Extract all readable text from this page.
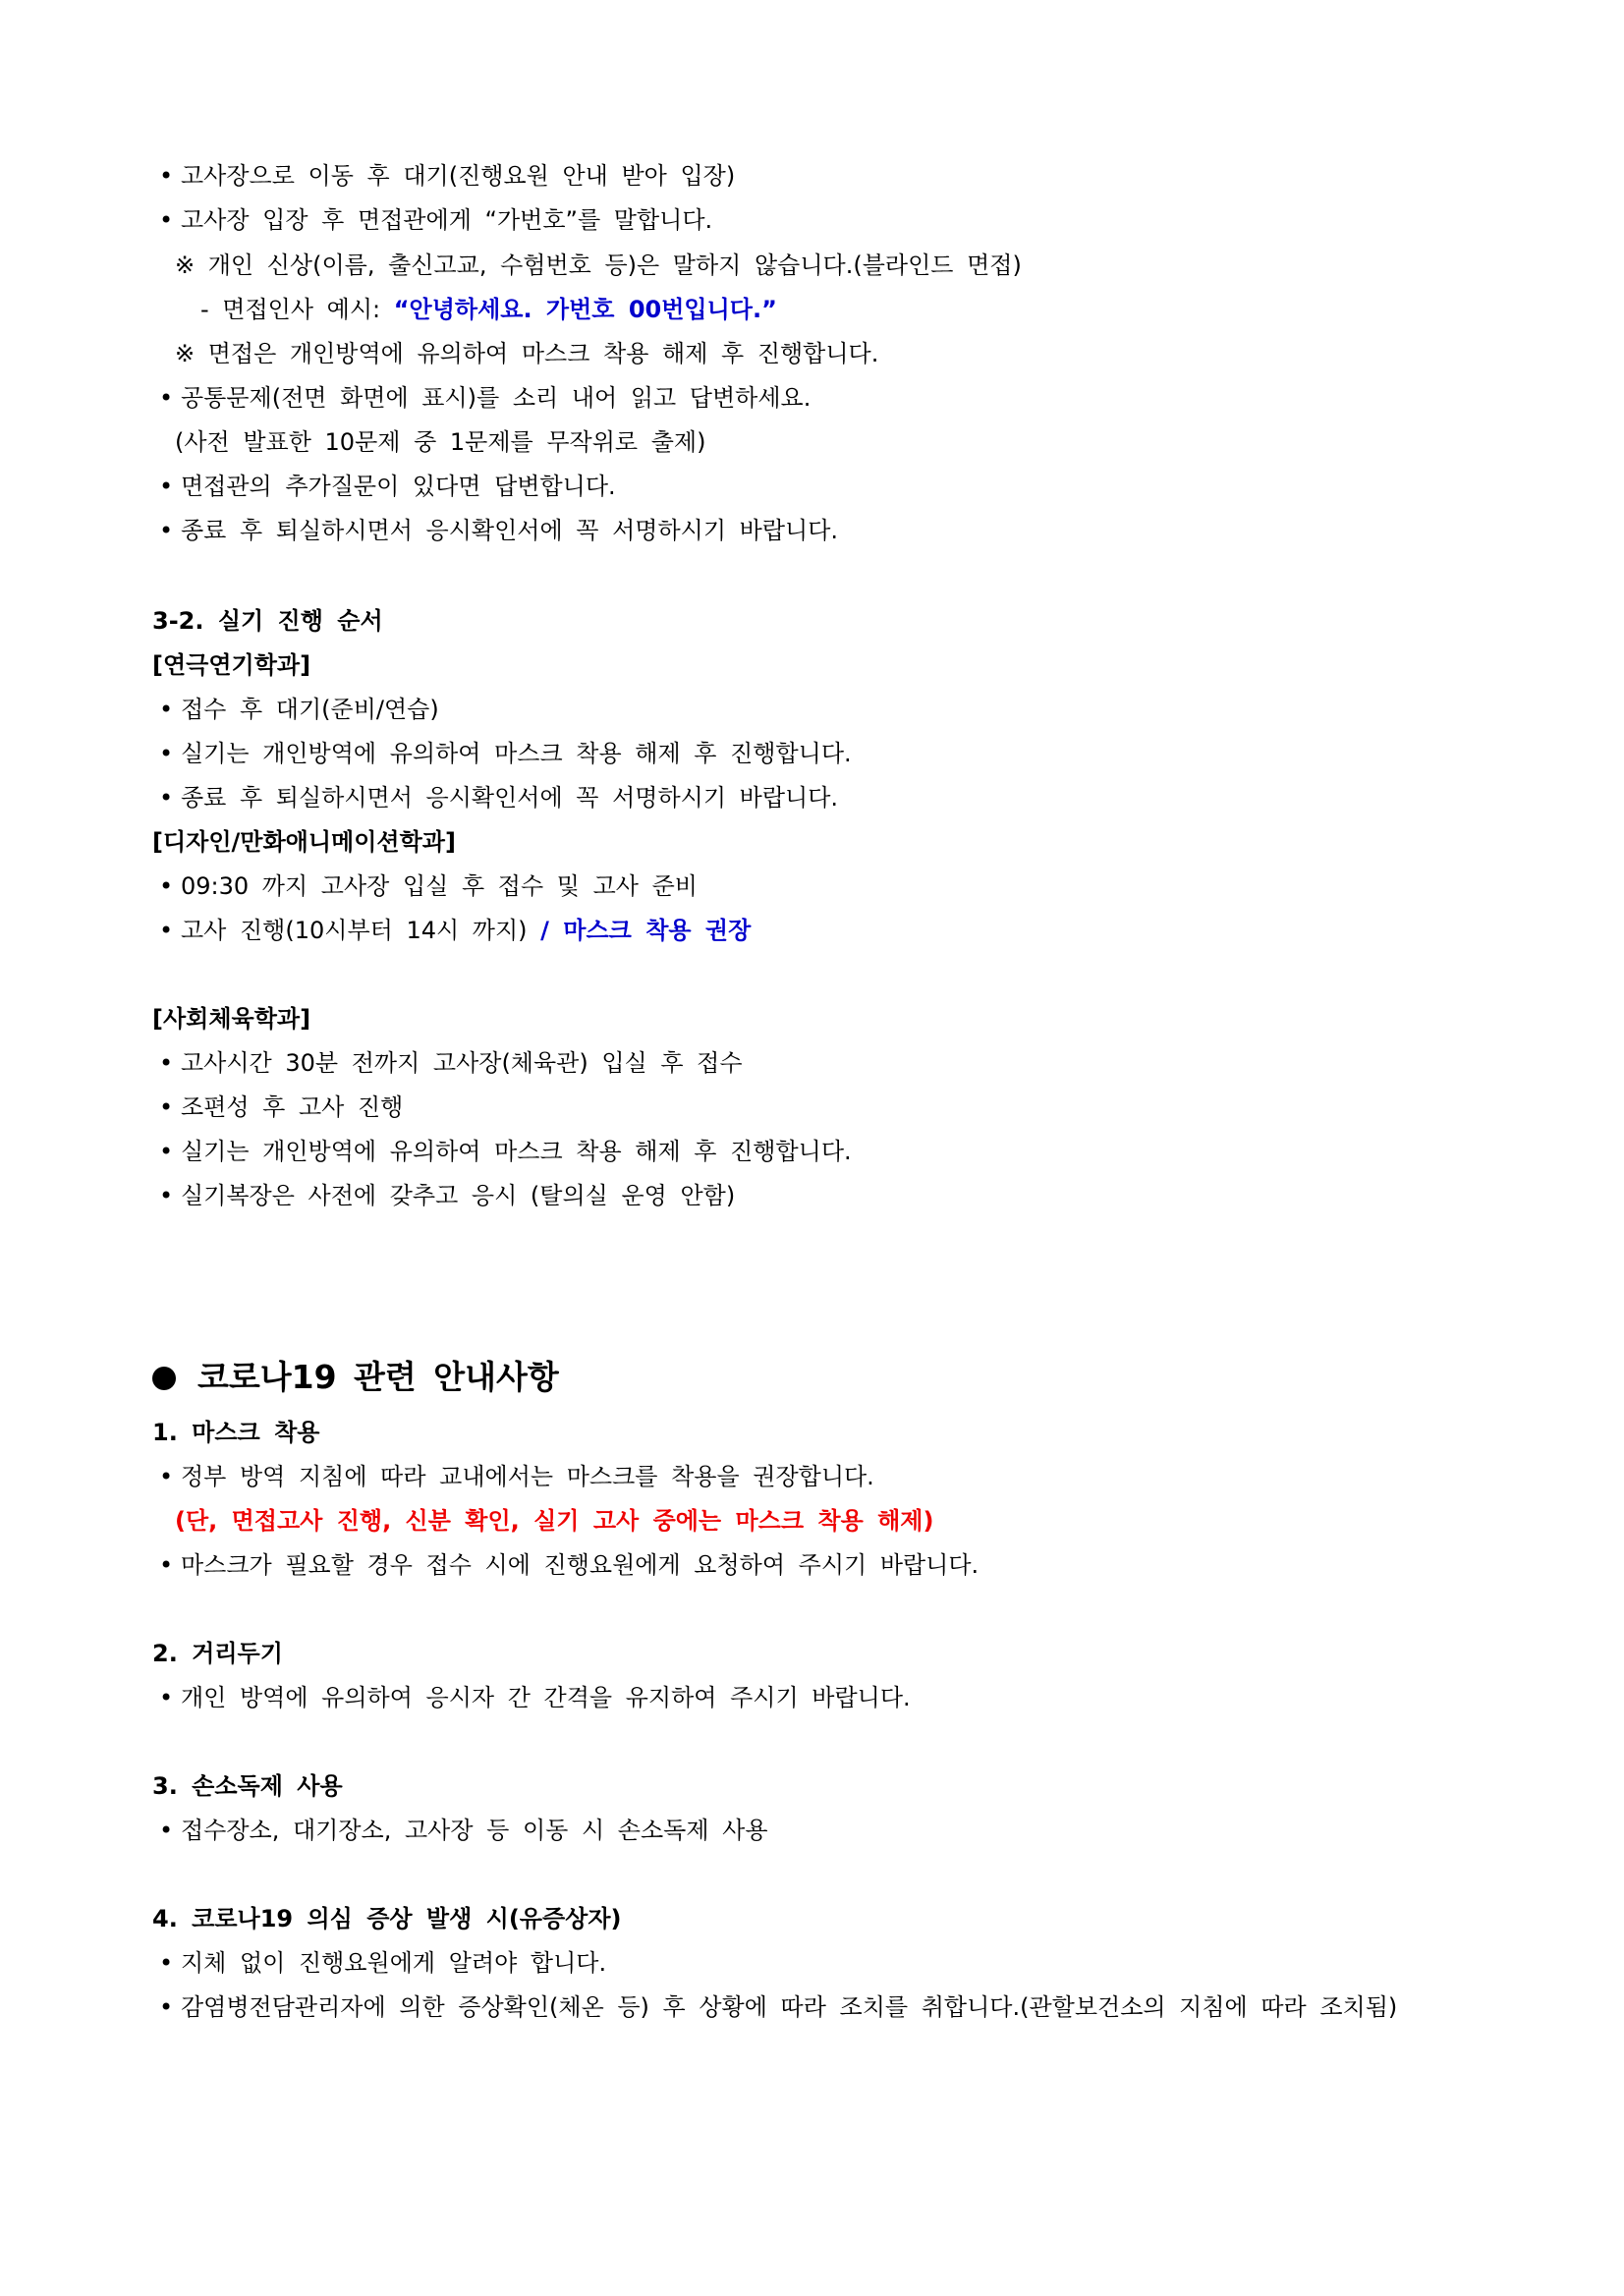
• 고사장으로 이동 후 대기(진행요원 안내 받아 입장)
• 고사장 입장 후 면접관에게 “가번호”를 말합니다.
※ 개인 신상(이름, 출신고교, 수험번호 등)은 말하지 않습니다.(블라인드 면접)
- 면접인사 예시: “안녕하세요. 가번호 00번입니다.”
※ 면접은 개인방역에 유의하여 마스크 착용 해제 후 진행합니다.
• 공통문제(전면 화면에 표시)를 소리 내어 읽고 답변하세요.
(사전 발표한 10문제 중 1문제를 무작위로 출제)
• 면접관의 추가질문이 있다면 답변합니다.
• 종료 후 퇴실하시면서 응시확인서에 꼭 서명하시기 바랍니다.
3-2. 실기 진행 순서
[연극연기학과]
• 접수 후 대기(준비/연습)
• 실기는 개인방역에 유의하여 마스크 착용 해제 후 진행합니다.
• 종료 후 퇴실하시면서 응시확인서에 꼭 서명하시기 바랍니다.
[디자인/만화애니메이션학과]
• 09:30 까지 고사장 입실 후 접수 및 고사 준비
• 고사 진행(10시부터 14시 까지) / 마스크 착용 권장
[사회체육학과]
• 고사시간 30분 전까지 고사장(체육관) 입실 후 접수
• 조편성 후 고사 진행
• 실기는 개인방역에 유의하여 마스크 착용 해제 후 진행합니다.
• 실기복장은 사전에 갖추고 응시 (탈의실 운영 안함)
코로나19 관련 안내사항
1. 마스크 착용
• 정부 방역 지침에 따라 교내에서는 마스크를 착용을 권장합니다.
(단, 면접고사 진행, 신분 확인, 실기 고사 중에는 마스크 착용 해제)
• 마스크가 필요할 경우 접수 시에 진행요원에게 요청하여 주시기 바랍니다.
2. 거리두기
• 개인 방역에 유의하여 응시자 간 간격을 유지하여 주시기 바랍니다.
3. 손소독제 사용
• 접수장소, 대기장소, 고사장 등 이동 시 손소독제 사용
4. 코로나19 의심 증상 발생 시(유증상자)
• 지체 없이 진행요원에게 알려야 합니다.
• 감염병전담관리자에 의한 증상확인(체온 등) 후 상황에 따라 조치를 취합니다.(관할보건소의 지침에 따라 조치됨)
